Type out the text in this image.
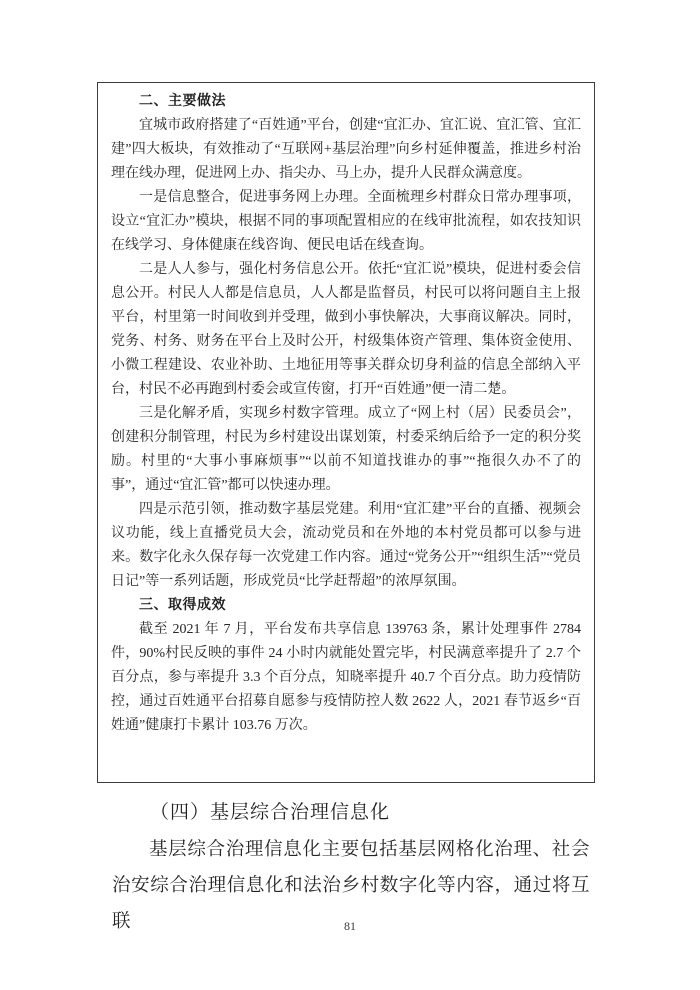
二、主要做法

宜城市政府搭建了“百姓通”平台，创建“宜汇办、宜汇说、宜汇管、宜汇建”四大板块，有效推动了“互联网+基层治理”向乡村延伸覆盖，推进乡村治理在线办理，促进网上办、指尖办、马上办，提升人民群众满意度。

一是信息整合，促进事务网上办理。全面梳理乡村群众日常办理事项，设立“宜汇办”模块，根据不同的事项配置相应的在线审批流程，如农技知识在线学习、身体健康在线咨询、便民电话在线查询。

二是人人参与，强化村务信息公开。依托“宜汇说”模块，促进村委会信息公开。村民人人都是信息员，人人都是监督员，村民可以将问题自主上报平台，村里第一时间收到并受理，做到小事快解决，大事商议解决。同时，党务、村务、财务在平台上及时公开，村级集体资产管理、集体资金使用、小微工程建设、农业补助、土地征用等事关群众切身利益的信息全部纳入平台，村民不必再跑到村委会或宣传窗，打开“百姓通”便一清二楚。

三是化解矛盾，实现乡村数字管理。成立了“网上村（居）民委员会”，创建积分制管理，村民为乡村建设出谋划策，村委采纳后给予一定的积分奖励。村里的“大事小事麻烦事”“以前不知道找谁办的事”“拖很久办不了的事”，通过“宜汇管”都可以快速办理。

四是示范引领，推动数字基层党建。利用“宜汇建”平台的直播、视频会议功能，线上直播党员大会，流动党员和在外地的本村党员都可以参与进来。数字化永久保存每一次党建工作内容。通过“党务公开”“组织生活”“党员日记”等一系列话题，形成党员“比学赶帮超”的浓厚氛围。

三、取得成效

截至 2021 年 7 月，平台发布共享信息 139763 条，累计处理事件 2784 件，90%村民反映的事件 24 小时内就能处置完毕，村民满意率提升了 2.7 个百分点，参与率提升 3.3 个百分点，知晓率提升 40.7 个百分点。助力疫情防控，通过百姓通平台招募自愿参与疫情防控人数 2622 人，2021 春节返乡“百姓通”健康打卡累计 103.76 万次。

（四）基层综合治理信息化

基层综合治理信息化主要包括基层网格化治理、社会治安综合治理信息化和法治乡村数字化等内容，通过将互联	81
